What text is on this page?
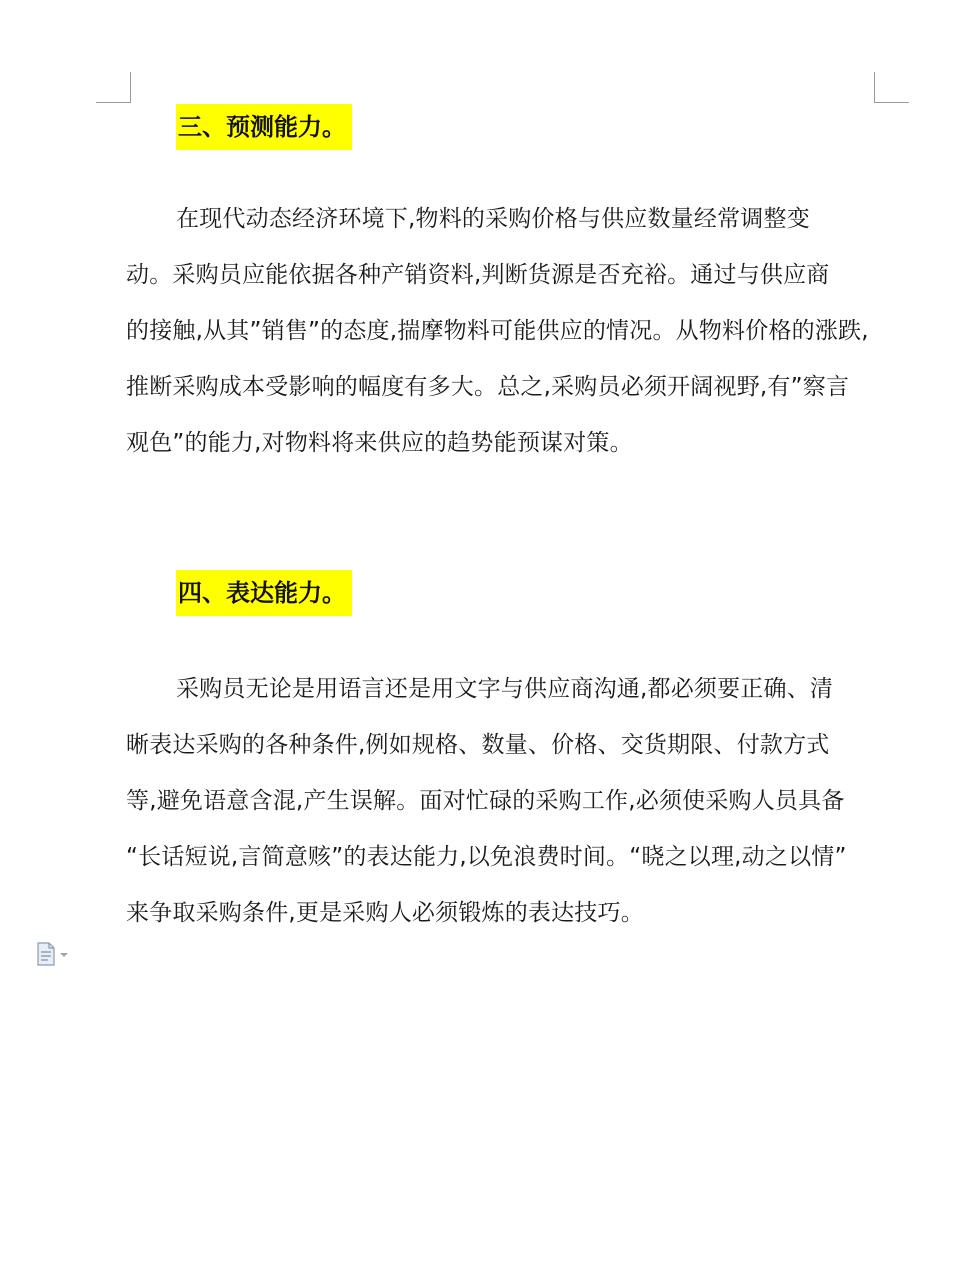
三、预测能力。
在现代动态经济环境下,物料的采购价格与供应数量经常调整变
动。采购员应能依据各种产销资料,判断货源是否充裕。通过与供应商
的接触,从其”销售”的态度,揣摩物料可能供应的情况。从物料价格的涨跌,
推断采购成本受影响的幅度有多大。总之,采购员必须开阔视野,有”察言
观色”的能力,对物料将来供应的趋势能预谋对策。
四、表达能力。
采购员无论是用语言还是用文字与供应商沟通,都必须要正确、清
晰表达采购的各种条件,例如规格、数量、价格、交货期限、付款方式
等,避免语意含混,产生误解。面对忙碌的采购工作,必须使采购人员具备
“长话短说,言简意赅”的表达能力,以免浪费时间。“晓之以理,动之以情”
来争取采购条件,更是采购人必须锻炼的表达技巧。
